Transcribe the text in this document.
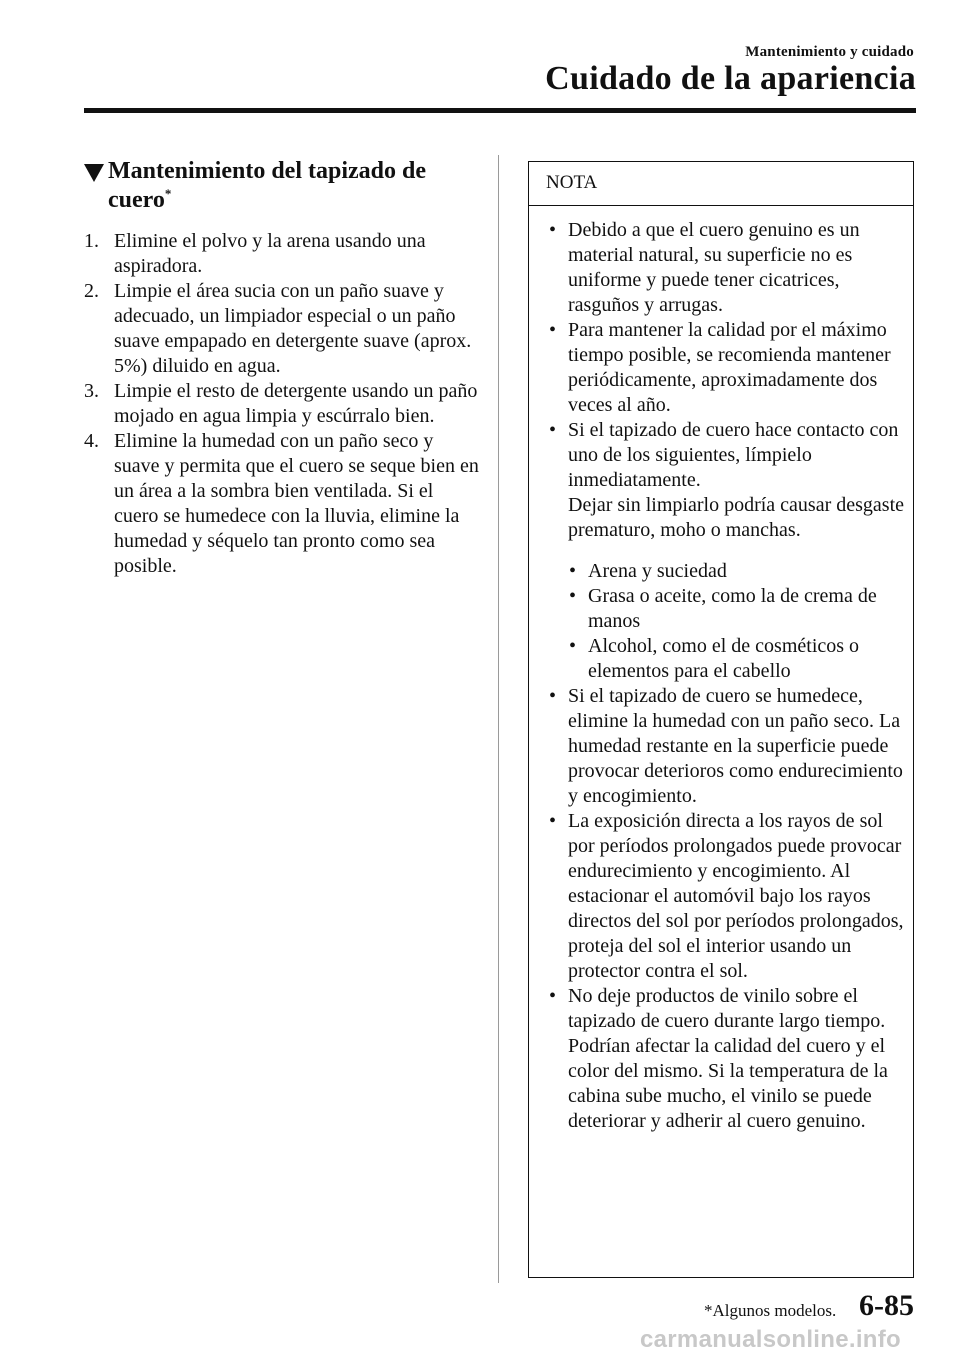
Mantenimiento y cuidado
Cuidado de la apariencia
Mantenimiento del tapizado de cuero*
1. Elimine el polvo y la arena usando una aspiradora.
2. Limpie el área sucia con un paño suave y adecuado, un limpiador especial o un paño suave empapado en detergente suave (aprox. 5%) diluido en agua.
3. Limpie el resto de detergente usando un paño mojado en agua limpia y escúrralo bien.
4. Elimine la humedad con un paño seco y suave y permita que el cuero se seque bien en un área a la sombra bien ventilada. Si el cuero se humedece con la lluvia, elimine la humedad y séquelo tan pronto como sea posible.
NOTA
• Debido a que el cuero genuino es un material natural, su superficie no es uniforme y puede tener cicatrices, rasguños y arrugas.
• Para mantener la calidad por el máximo tiempo posible, se recomienda mantener periódicamente, aproximadamente dos veces al año.
• Si el tapizado de cuero hace contacto con uno de los siguientes, límpielo inmediatamente.
Dejar sin limpiarlo podría causar desgaste prematuro, moho o manchas.
• Arena y suciedad
• Grasa o aceite, como la de crema de manos
• Alcohol, como el de cosméticos o elementos para el cabello
• Si el tapizado de cuero se humedece, elimine la humedad con un paño seco. La humedad restante en la superficie puede provocar deterioros como endurecimiento y encogimiento.
• La exposición directa a los rayos de sol por períodos prolongados puede provocar endurecimiento y encogimiento. Al estacionar el automóvil bajo los rayos directos del sol por períodos prolongados, proteja del sol el interior usando un protector contra el sol.
• No deje productos de vinilo sobre el tapizado de cuero durante largo tiempo. Podrían afectar la calidad del cuero y el color del mismo. Si la temperatura de la cabina sube mucho, el vinilo se puede deteriorar y adherir al cuero genuino.
*Algunos modelos. 6-85
carmanualsonline.info
